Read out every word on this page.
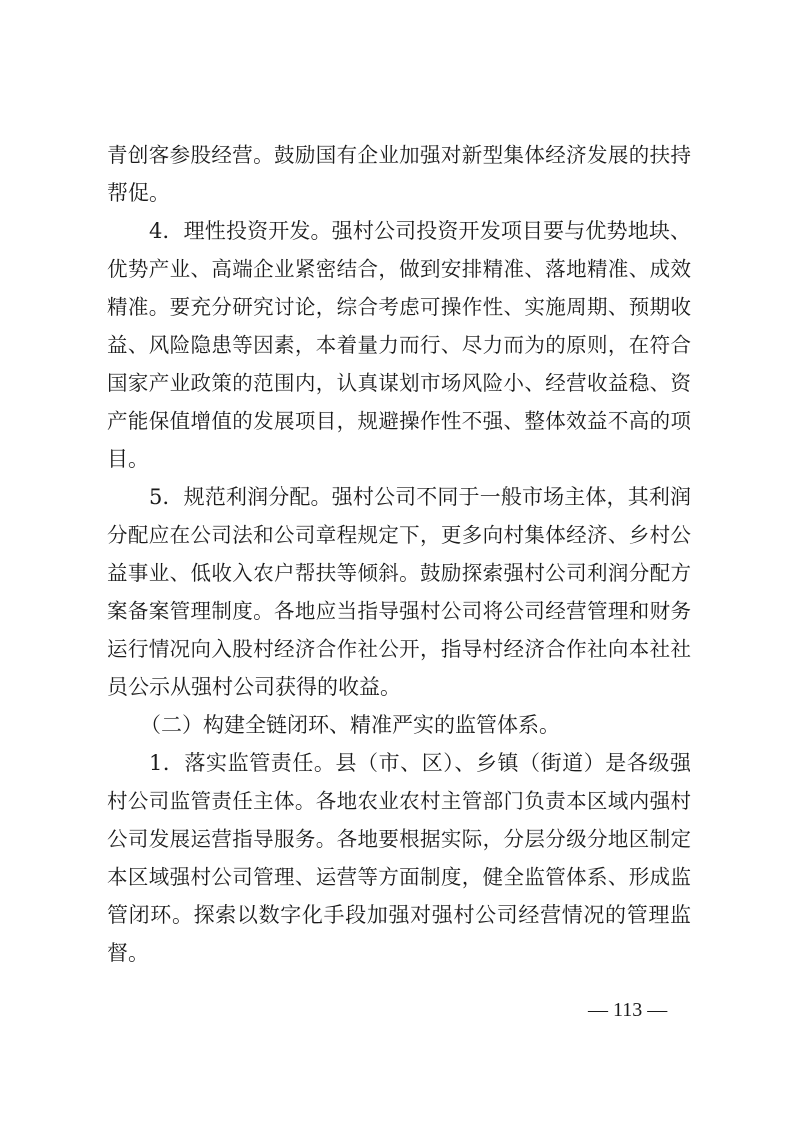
青创客参股经营。鼓励国有企业加强对新型集体经济发展的扶持
帮促。
4．理性投资开发。强村公司投资开发项目要与优势地块、
优势产业、高端企业紧密结合，做到安排精准、落地精准、成效
精准。要充分研究讨论，综合考虑可操作性、实施周期、预期收
益、风险隐患等因素，本着量力而行、尽力而为的原则，在符合
国家产业政策的范围内，认真谋划市场风险小、经营收益稳、资
产能保值增值的发展项目，规避操作性不强、整体效益不高的项
目。
5．规范利润分配。强村公司不同于一般市场主体，其利润
分配应在公司法和公司章程规定下，更多向村集体经济、乡村公
益事业、低收入农户帮扶等倾斜。鼓励探索强村公司利润分配方
案备案管理制度。各地应当指导强村公司将公司经营管理和财务
运行情况向入股村经济合作社公开，指导村经济合作社向本社社
员公示从强村公司获得的收益。
（二）构建全链闭环、精准严实的监管体系。
1．落实监管责任。县（市、区）、乡镇（街道）是各级强
村公司监管责任主体。各地农业农村主管部门负责本区域内强村
公司发展运营指导服务。各地要根据实际，分层分级分地区制定
本区域强村公司管理、运营等方面制度，健全监管体系、形成监
管闭环。探索以数字化手段加强对强村公司经营情况的管理监
督。
— 113 —
